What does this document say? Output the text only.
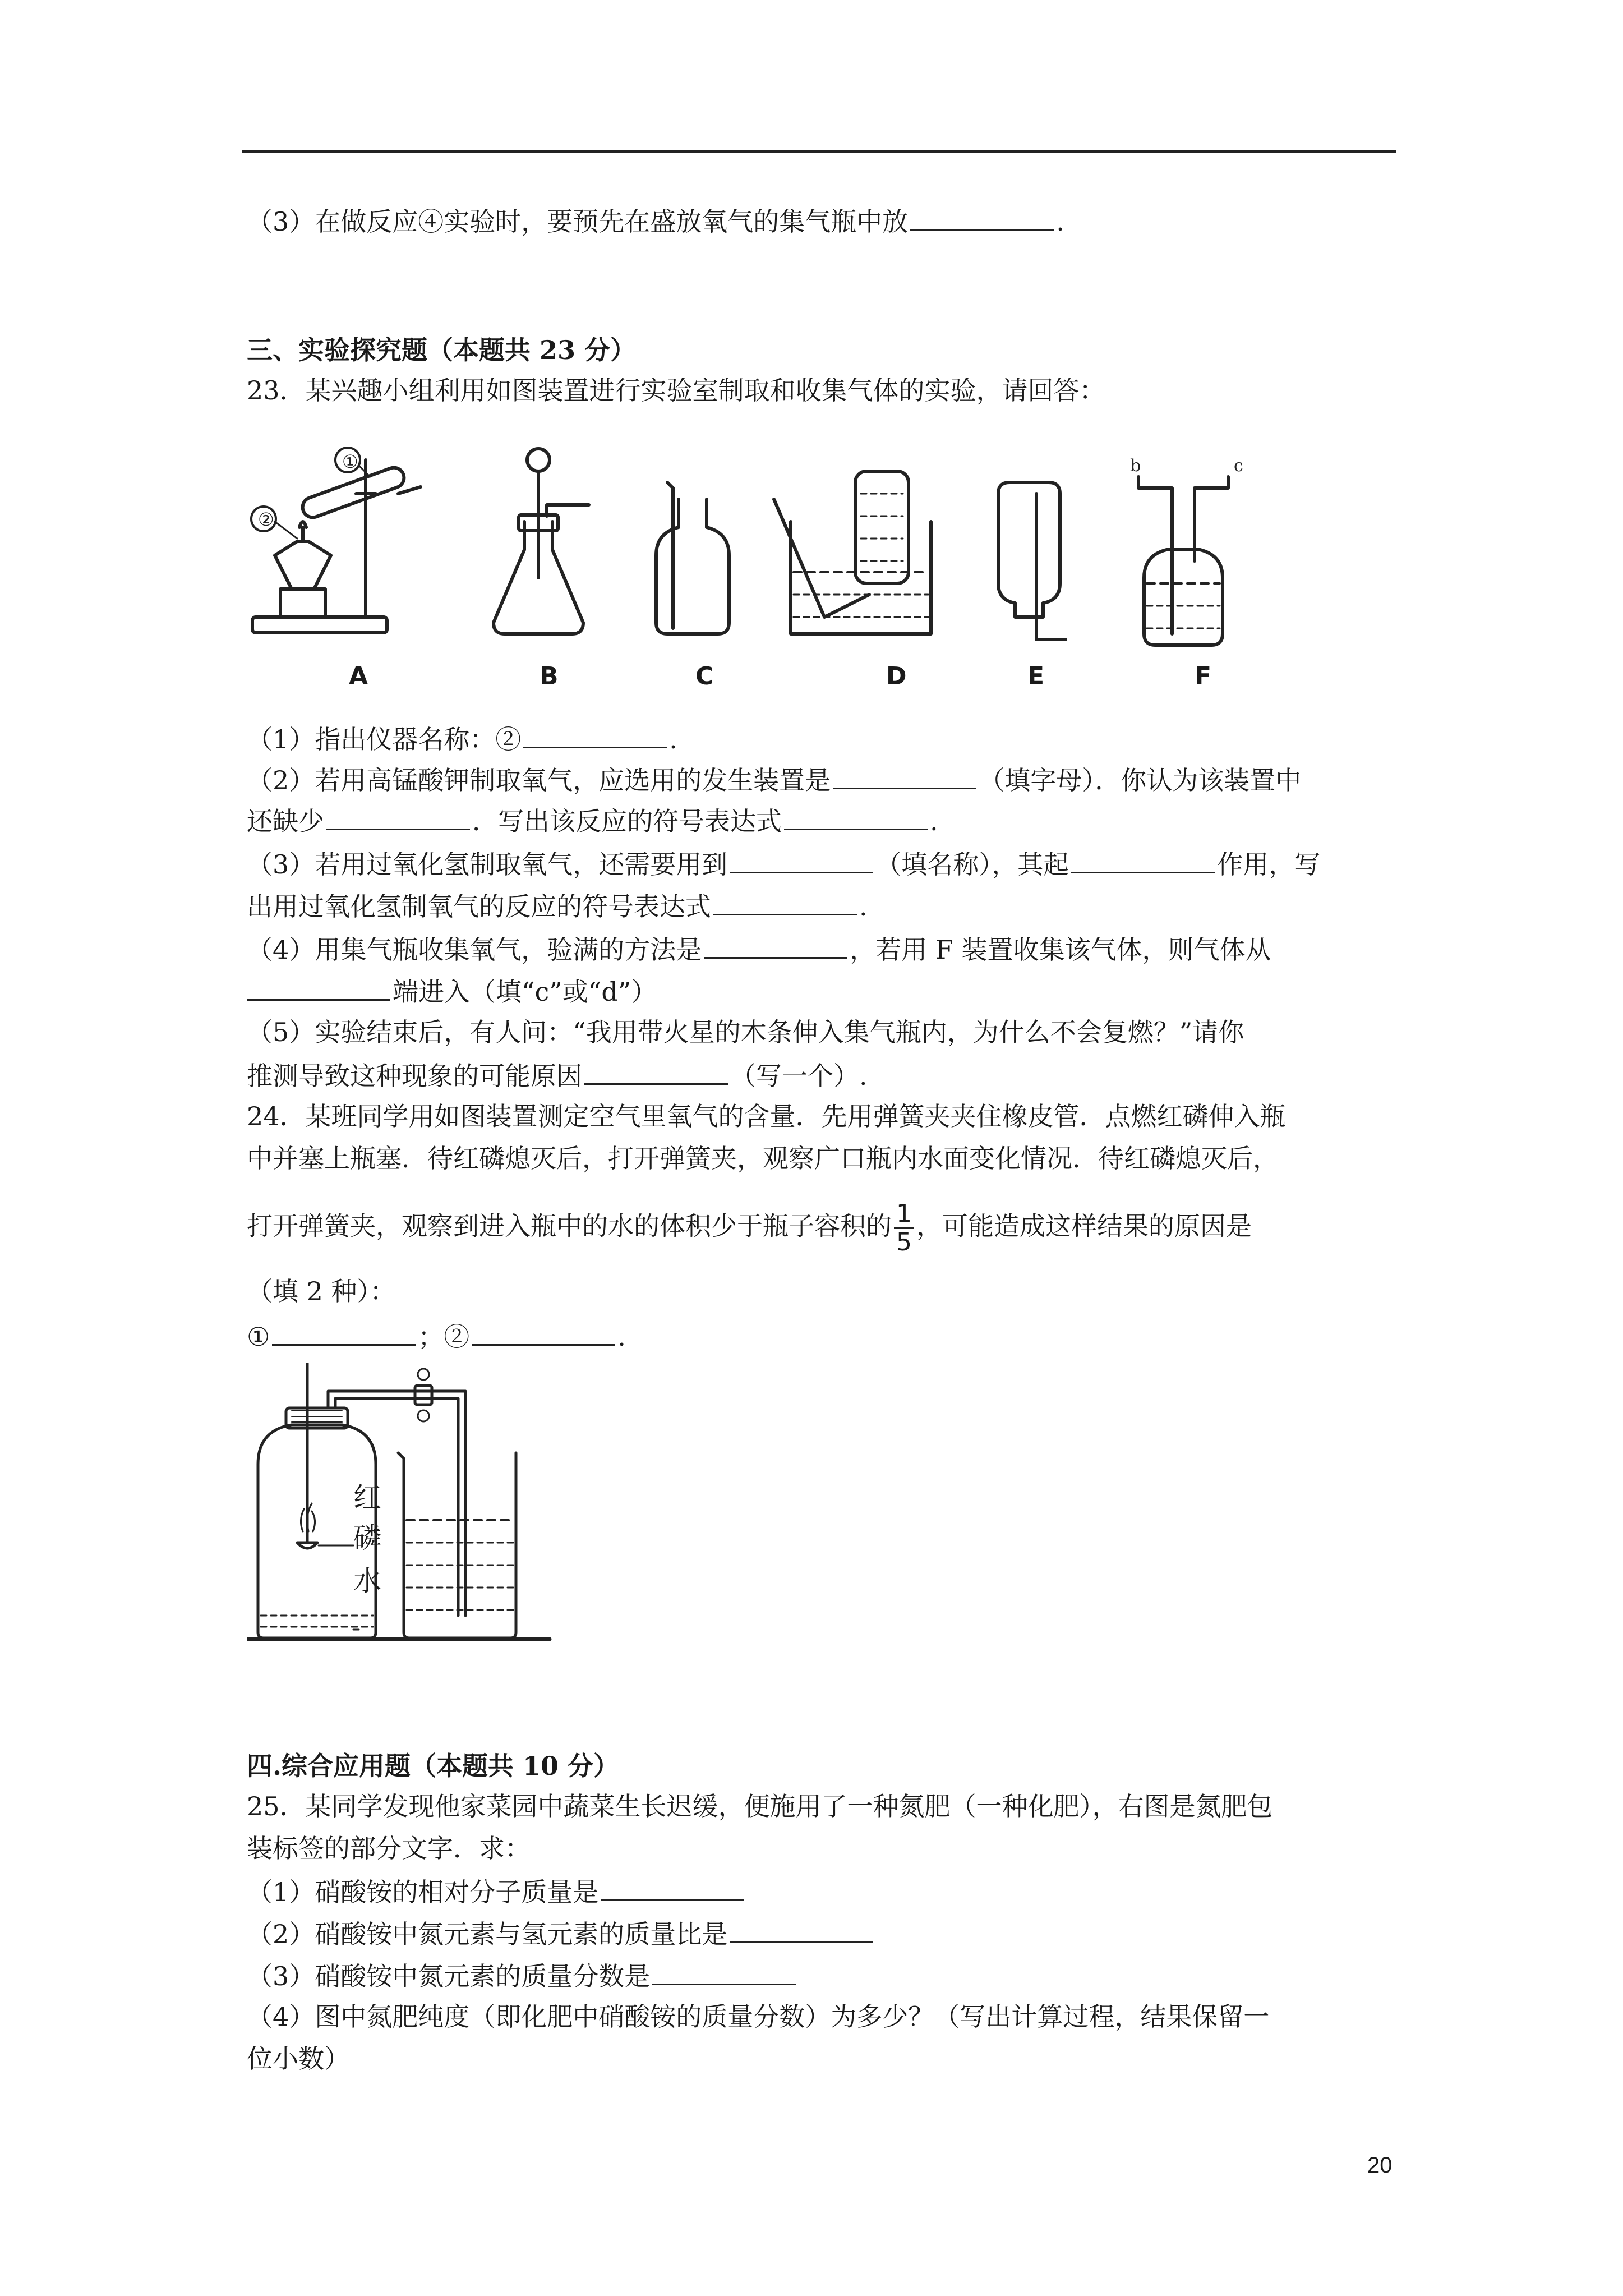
（3）在做反应④实验时，要预先在盛放氧气的集气瓶中放	.
三、实验探究题（本题共 23 分）
23．某兴趣小组利用如图装置进行实验室制取和收集气体的实验，请回答：
①
②
b	c
A	B	C	D	E	F
（1）指出仪器名称：②	.
（2）若用高锰酸钾制取氧气，应选用的发生装置是	（填字母）．你认为该装置中
还缺少	．写出该反应的符号表达式	.
（3）若用过氧化氢制取氧气，还需要用到	（填名称），其起	作用，写
出用过氧化氢制氧气的反应的符号表达式	.
（4）用集气瓶收集氧气，验满的方法是	，若用 F 装置收集该气体，则气体从
端进入（填“c”或“d”）
（5）实验结束后，有人问：“我用带火星的木条伸入集气瓶内，为什么不会复燃？”请你
推测导致这种现象的可能原因	（写一个）.
24．某班同学用如图装置测定空气里氧气的含量．先用弹簧夹夹住橡皮管．点燃红磷伸入瓶
中并塞上瓶塞．待红磷熄灭后，打开弹簧夹，观察广口瓶内水面变化情况．待红磷熄灭后，
打开弹簧夹，观察到进入瓶中的水的体积少于瓶子容积的 $\frac{1}{5}$ ，可能造成这样结果的原因是
（填 2 种）：
①	；②	.
红
磷
水
四.综合应用题（本题共 10 分）
25．某同学发现他家菜园中蔬菜生长迟缓，便施用了一种氮肥（一种化肥），右图是氮肥包
装标签的部分文字．求：
（1）硝酸铵的相对分子质量是
（2）硝酸铵中氮元素与氢元素的质量比是
（3）硝酸铵中氮元素的质量分数是
（4）图中氮肥纯度（即化肥中硝酸铵的质量分数）为多少？（写出计算过程，结果保留一
位小数）
20
